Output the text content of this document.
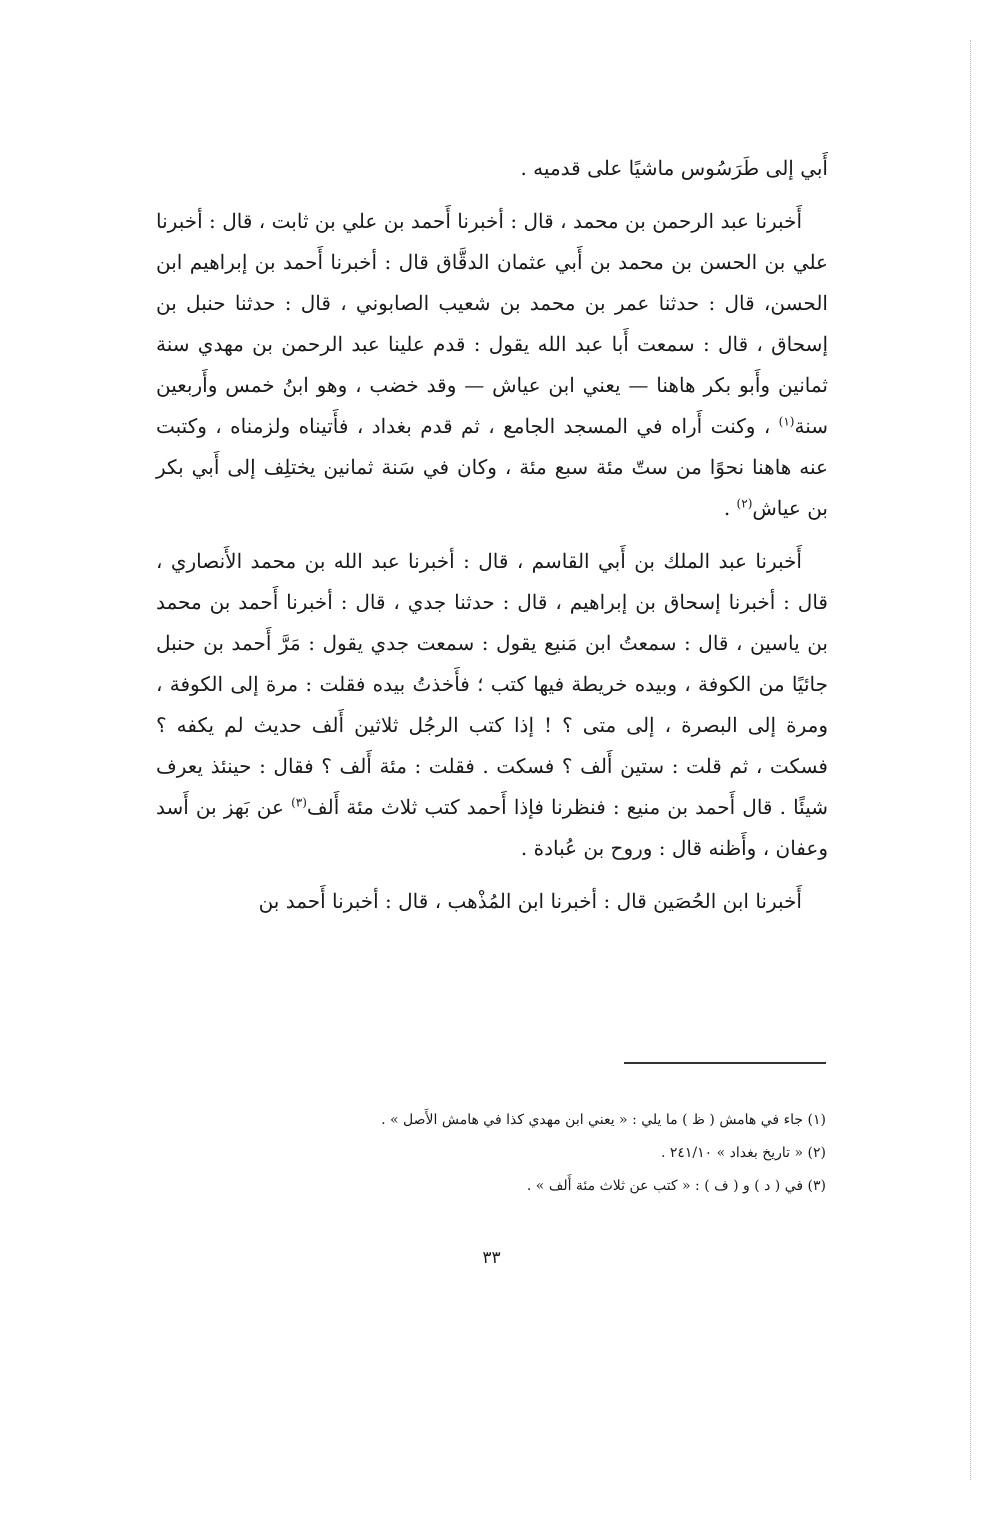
أَبي إلى طَرَسُوس ماشيًا على قدميه .

أَخبرنا عبد الرحمن بن محمد ، قال : أخبرنا أَحمد بن علي بن ثابت ، قال : أخبرنا علي بن الحسن بن محمد بن أَبي عثمان الدقَّاق قال : أخبرنا أَحمد بن إبراهيم ابن الحسن، قال : حدثنا عمر بن محمد بن شعيب الصابوني ، قال : حدثنا حنبل بن إسحاق ، قال : سمعت أَبا عبد الله يقول : قدم علينا عبد الرحمن بن مهدي سنة ثمانين وأَبو بكر هاهنا — يعني ابن عياش — وقد خضب ، وهو ابنُ خمس وأَربعين سنة$^{(١)}$ ، وكنت أَراه في المسجد الجامع ، ثم قدم بغداد ، فأَتيناه ولزمناه ، وكتبت عنه هاهنا نحوًا من ستّ مئة سبع مئة ، وكان في سَنة ثمانين يختلِف إلى أَبي بكر بن عياش$^{(٢)}$ .

أَخبرنا عبد الملك بن أَبي القاسم ، قال : أخبرنا عبد الله بن محمد الأَنصاري ، قال : أخبرنا إسحاق بن إبراهيم ، قال : حدثنا جدي ، قال : أخبرنا أَحمد بن محمد بن ياسين ، قال : سمعتُ ابن مَنيع يقول : سمعت جدي يقول : مَرَّ أَحمد بن حنبل جائيًا من الكوفة ، وبيده خريطة فيها كتب ؛ فأَخذتُ بيده فقلت : مرة إلى الكوفة ، ومرة إلى البصرة ، إلى متى ؟ ! إذا كتب الرجُل ثلاثين أَلف حديث لم يكفه ؟ فسكت ، ثم قلت : ستين أَلف ؟ فسكت . فقلت : مئة أَلف ؟ فقال : حينئذ يعرف شيئًا . قال أَحمد بن منيع : فنظرنا فإذا أَحمد كتب ثلاث مئة أَلف$^{(٣)}$ عن بَهز بن أَسد وعفان ، وأَظنه قال : وروح بن عُبادة .

أَخبرنا ابن الحُصَين قال : أخبرنا ابن المُذْهب ، قال : أخبرنا أَحمد بن

(١) جاء في هامش ( ظ ) ما يلي : « يعني ابن مهدي كذا في هامش الأَصل » .

(٢) « تاريخ بغداد » ٢٤١/١٠ .

(٣) في ( د ) و ( ف ) : « كتب عن ثلاث مئة أَلف » .

٣٣
